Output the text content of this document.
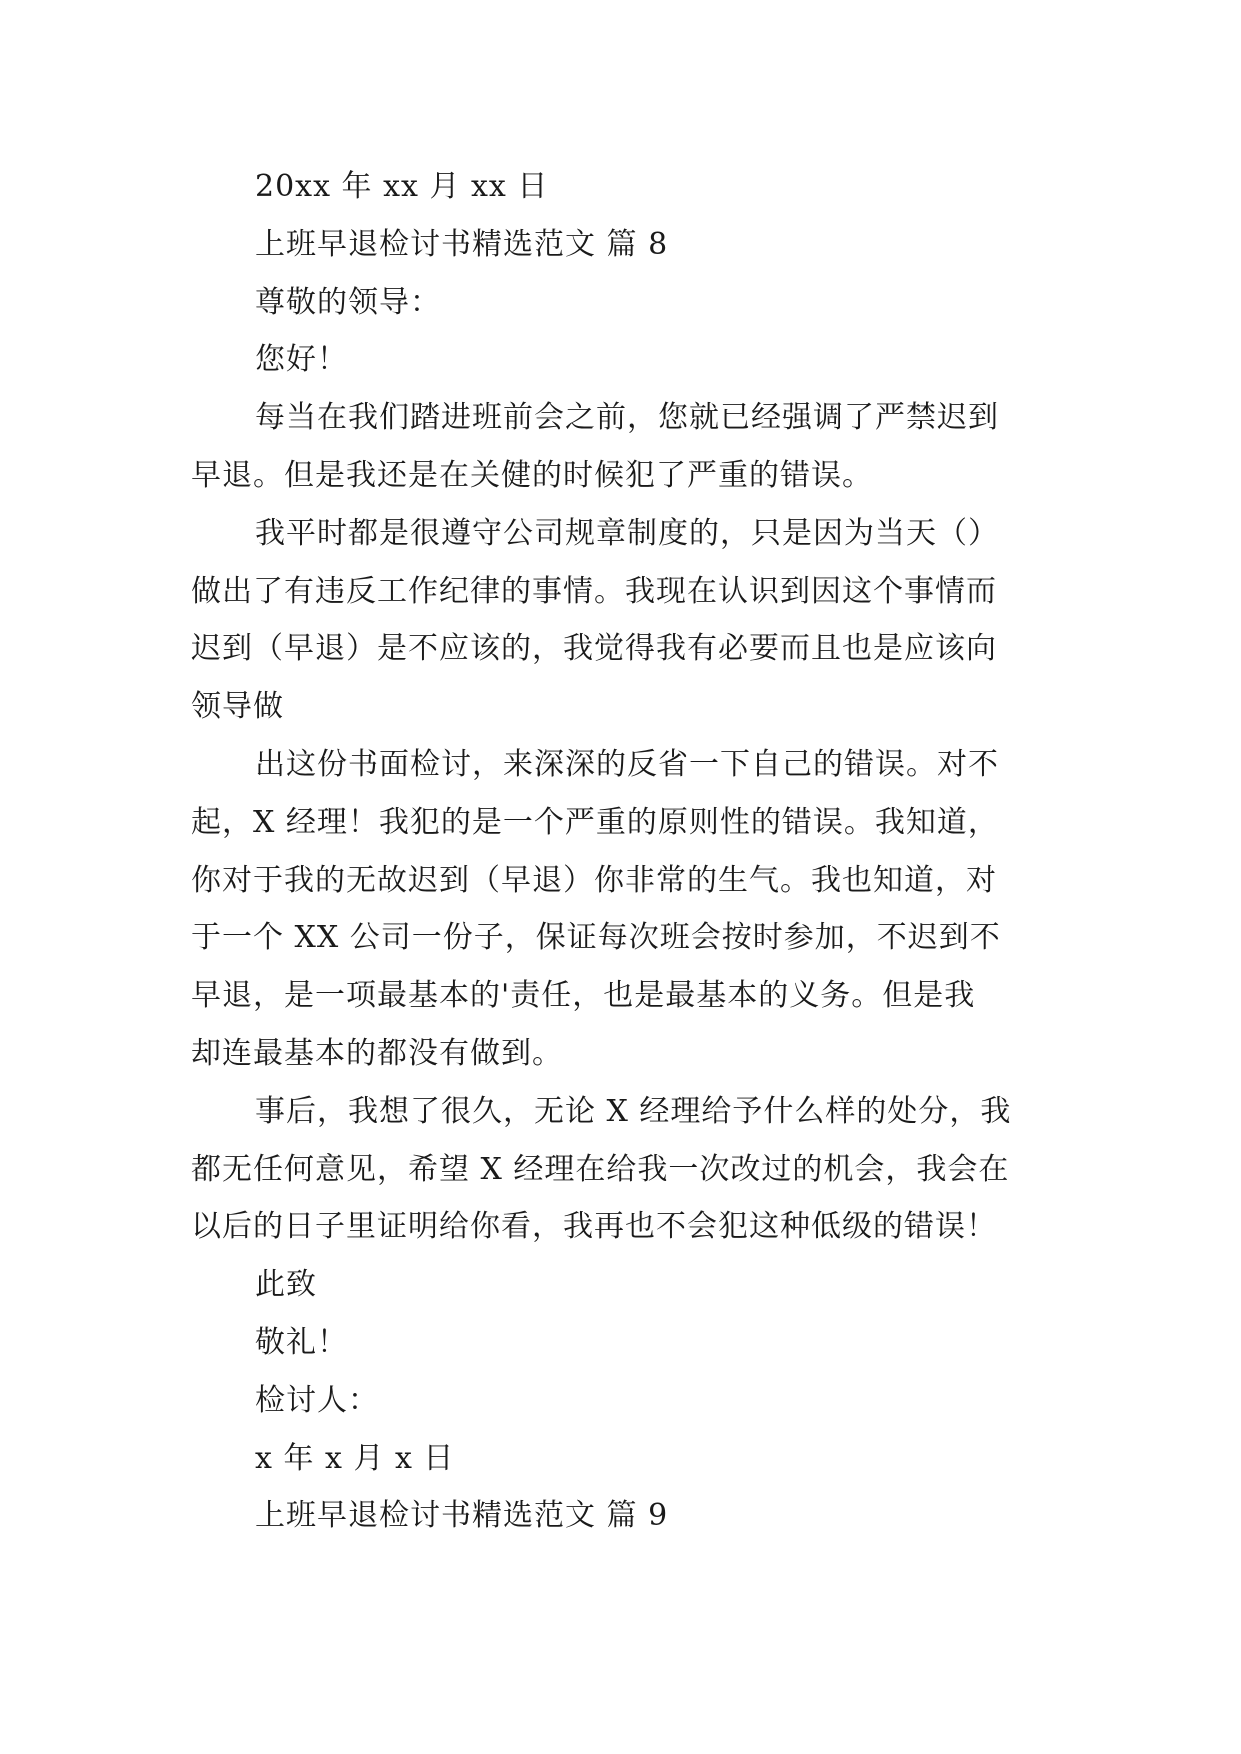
20xx 年 xx 月 xx 日
上班早退检讨书精选范文 篇 8
尊敬的领导：
您好！
每当在我们踏进班前会之前，您就已经强调了严禁迟到
早退。但是我还是在关健的时候犯了严重的错误。
我平时都是很遵守公司规章制度的，只是因为当天（）
做出了有违反工作纪律的事情。我现在认识到因这个事情而
迟到（早退）是不应该的，我觉得我有必要而且也是应该向
领导做
出这份书面检讨，来深深的反省一下自己的错误。对不
起，X 经理！我犯的是一个严重的原则性的错误。我知道，
你对于我的无故迟到（早退）你非常的生气。我也知道，对
于一个 XX 公司一份子，保证每次班会按时参加，不迟到不
早退，是一项最基本的'责任，也是最基本的义务。但是我
却连最基本的都没有做到。
事后，我想了很久，无论 X 经理给予什么样的处分，我
都无任何意见，希望 X 经理在给我一次改过的机会，我会在
以后的日子里证明给你看，我再也不会犯这种低级的错误！
此致
敬礼！
检讨人：
x 年 x 月 x 日
上班早退检讨书精选范文 篇 9
